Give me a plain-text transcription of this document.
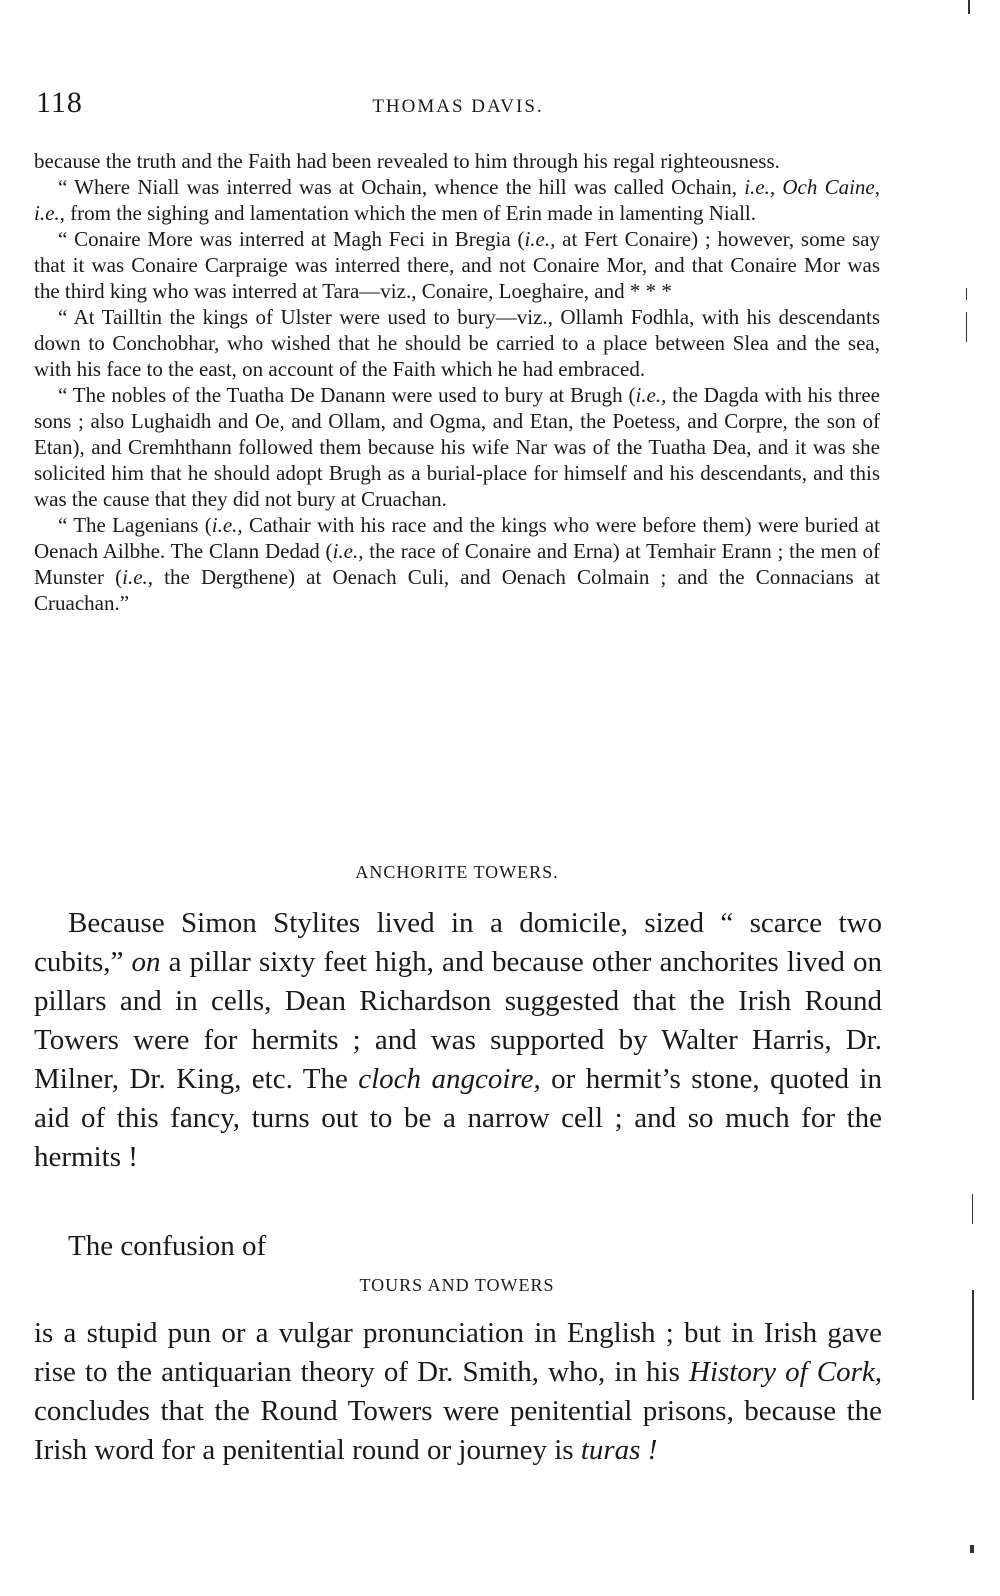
118	THOMAS DAVIS.

because the truth and the Faith had been revealed to him through his regal righteousness.

“ Where Niall was interred was at Ochain, whence the hill was called Ochain, i.e., Och Caine, i.e., from the sighing and lamentation which the men of Erin made in lamenting Niall.

“ Conaire More was interred at Magh Feci in Bregia (i.e., at Fert Conaire) ; however, some say that it was Conaire Carpraige was interred there, and not Conaire Mor, and that Conaire Mor was the third king who was interred at Tara—viz., Conaire, Loeghaire, and * * *

“ At Tailltin the kings of Ulster were used to bury—viz., Ollamh Fodhla, with his descendants down to Conchobhar, who wished that he should be carried to a place between Slea and the sea, with his face to the east, on account of the Faith which he had embraced.

“ The nobles of the Tuatha De Danann were used to bury at Brugh (i.e., the Dagda with his three sons ; also Lughaidh and Oe, and Ollam, and Ogma, and Etan, the Poetess, and Corpre, the son of Etan), and Cremhthann followed them because his wife Nar was of the Tuatha Dea, and it was she solicited him that he should adopt Brugh as a burial-place for himself and his descendants, and this was the cause that they did not bury at Cruachan.

“ The Lagenians (i.e., Cathair with his race and the kings who were before them) were buried at Oenach Ailbhe. The Clann Dedad (i.e., the race of Conaire and Erna) at Temhair Erann ; the men of Munster (i.e., the Dergthene) at Oenach Culi, and Oenach Colmain ; and the Connacians at Cruachan.”

ANCHORITE TOWERS.

Because Simon Stylites lived in a domicile, sized “ scarce two cubits,” on a pillar sixty feet high, and because other anchorites lived on pillars and in cells, Dean Richardson suggested that the Irish Round Towers were for hermits ; and was supported by Walter Harris, Dr. Milner, Dr. King, etc. The cloch angcoire, or hermit’s stone, quoted in aid of this fancy, turns out to be a narrow cell ; and so much for the hermits !

The confusion of

TOURS AND TOWERS

is a stupid pun or a vulgar pronunciation in English ; but in Irish gave rise to the antiquarian theory of Dr. Smith, who, in his History of Cork, concludes that the Round Towers were penitential prisons, because the Irish word for a penitential round or journey is turas !
